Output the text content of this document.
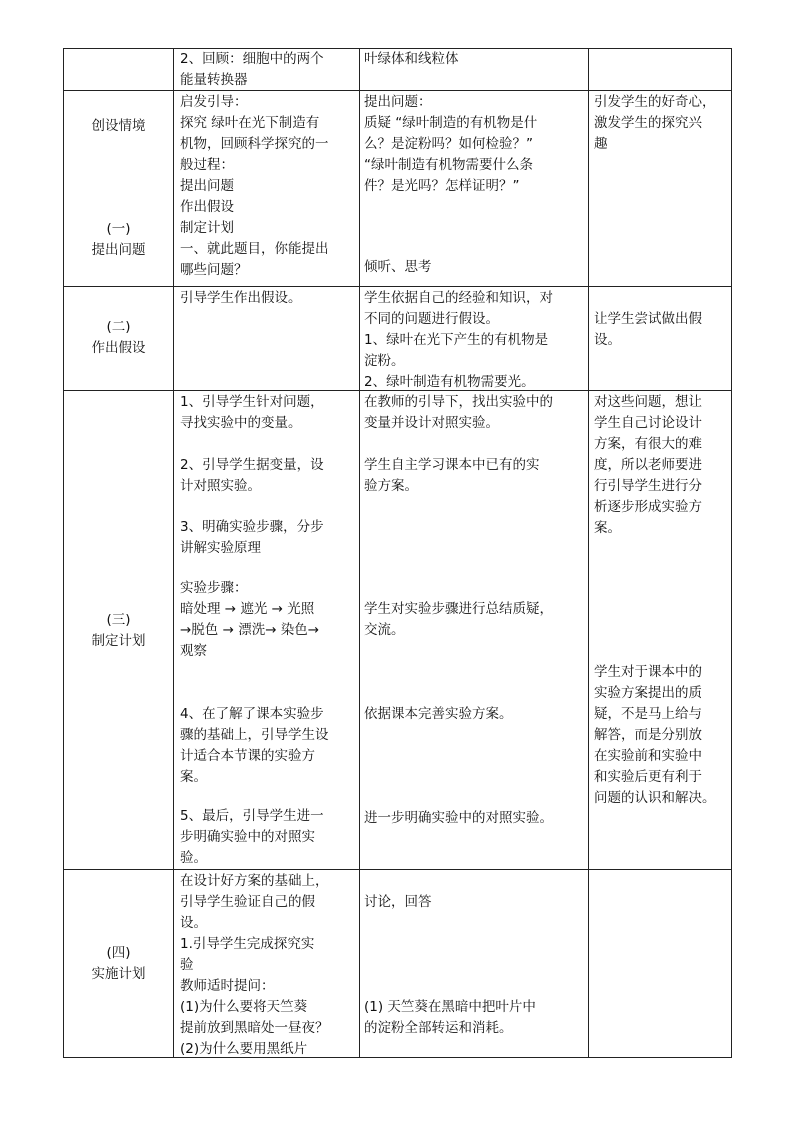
2、回顾：细胞中的两个
能量转换器
叶绿体和线粒体
创设情境
(一)
提出问题
启发引导：
探究 绿叶在光下制造有
机物，回顾科学探究的一
般过程：
提出问题
作出假设
制定计划
一、就此题目，你能提出
哪些问题？
提出问题：
质疑 “绿叶制造的有机物是什
么？是淀粉吗？如何检验？”
“绿叶制造有机物需要什么条
件？是光吗？怎样证明？”
倾听、思考
引发学生的好奇心，
激发学生的探究兴
趣
(二)
作出假设
引导学生作出假设。	学生依据自己的经验和知识，对
不同的问题进行假设。
1、绿叶在光下产生的有机物是
淀粉。
2、绿叶制造有机物需要光。
让学生尝试做出假
设。
(三)
制定计划
1、引导学生针对问题，
寻找实验中的变量。
2、引导学生据变量，设
计对照实验。
3、明确实验步骤，分步
讲解实验原理
实验步骤：
暗处理 → 遮光 → 光照
→脱色 → 漂洗→ 染色→
观察
4、在了解了课本实验步
骤的基础上，引导学生设
计适合本节课的实验方
案。
5、最后，引导学生进一
步明确实验中的对照实
验。
在教师的引导下，找出实验中的
变量并设计对照实验。
学生自主学习课本中已有的实
验方案。
学生对实验步骤进行总结质疑，
交流。
依据课本完善实验方案。
进一步明确实验中的对照实验。
对这些问题，想让
学生自己讨论设计
方案，有很大的难
度，所以老师要进
行引导学生进行分
析逐步形成实验方
案。
学生对于课本中的
实验方案提出的质
疑，不是马上给与
解答，而是分别放
在实验前和实验中
和实验后更有利于
问题的认识和解决。
(四)
实施计划
在设计好方案的基础上，
引导学生验证自己的假
设。
1.引导学生完成探究实
验
教师适时提问：
(1)为什么要将天竺葵
提前放到黑暗处一昼夜？
(2)为什么要用黑纸片
讨论，回答
(1) 天竺葵在黑暗中把叶片中
的淀粉全部转运和消耗。
